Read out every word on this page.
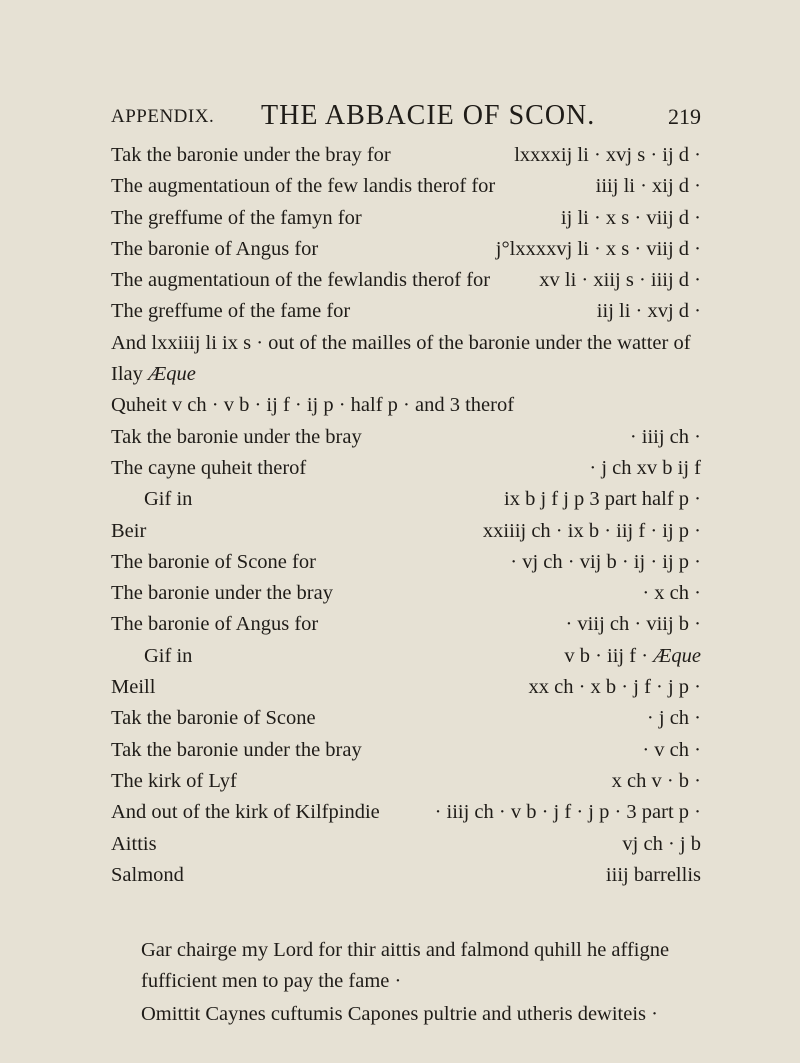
APPENDIX. THE ABBACIE OF SCON.	219
Tak the baronie under the bray for	lxxxxij li · xvj s · ij d ·
The augmentatioun of the few landis therof for	iiij li · xij d ·
The greffume of the famyn for	ij li · x s · viij d ·
The baronie of Angus for	j°lxxxxvj li · x s · viij d ·
The augmentatioun of the fewlandis therof for xv li · xiij s · iiij d ·
The greffume of the fame for	iij li · xvj d ·
And lxxiiij li ix s · out of the mailles of the baronie under the watter of
Ilay Æque
Quheit v ch · v b · ij f · ij p · half p · and 3 therof
Tak the baronie under the bray	· iiij ch ·
The cayne quheit therof	· j ch xv b ij f
Gif in	ix b j f j p 3 part half p ·
Beir	xxiiij ch · ix b · iij f · ij p ·
The baronie of Scone for	· vj ch · vij b · ij · ij p ·
The baronie under the bray	· x ch ·
The baronie of Angus for	· viij ch · viij b ·
Gif in	v b · iij f · Æque
Meill	xx ch · x b · j f · j p ·
Tak the baronie of Scone	· j ch ·
Tak the baronie under the bray	· v ch ·
The kirk of Lyf	x ch v · b ·
And out of the kirk of Kilfpindie	· iiij ch · v b · j f · j p · 3 part p ·
Aittis	vj ch · j b
Salmond	iiij barrellis
Gar chairge my Lord for thir aittis and falmond quhill he affigne
fufficient men to pay the fame ·
Omittit Caynes cuftumis Capones pultrie and utheris dewiteis ·
